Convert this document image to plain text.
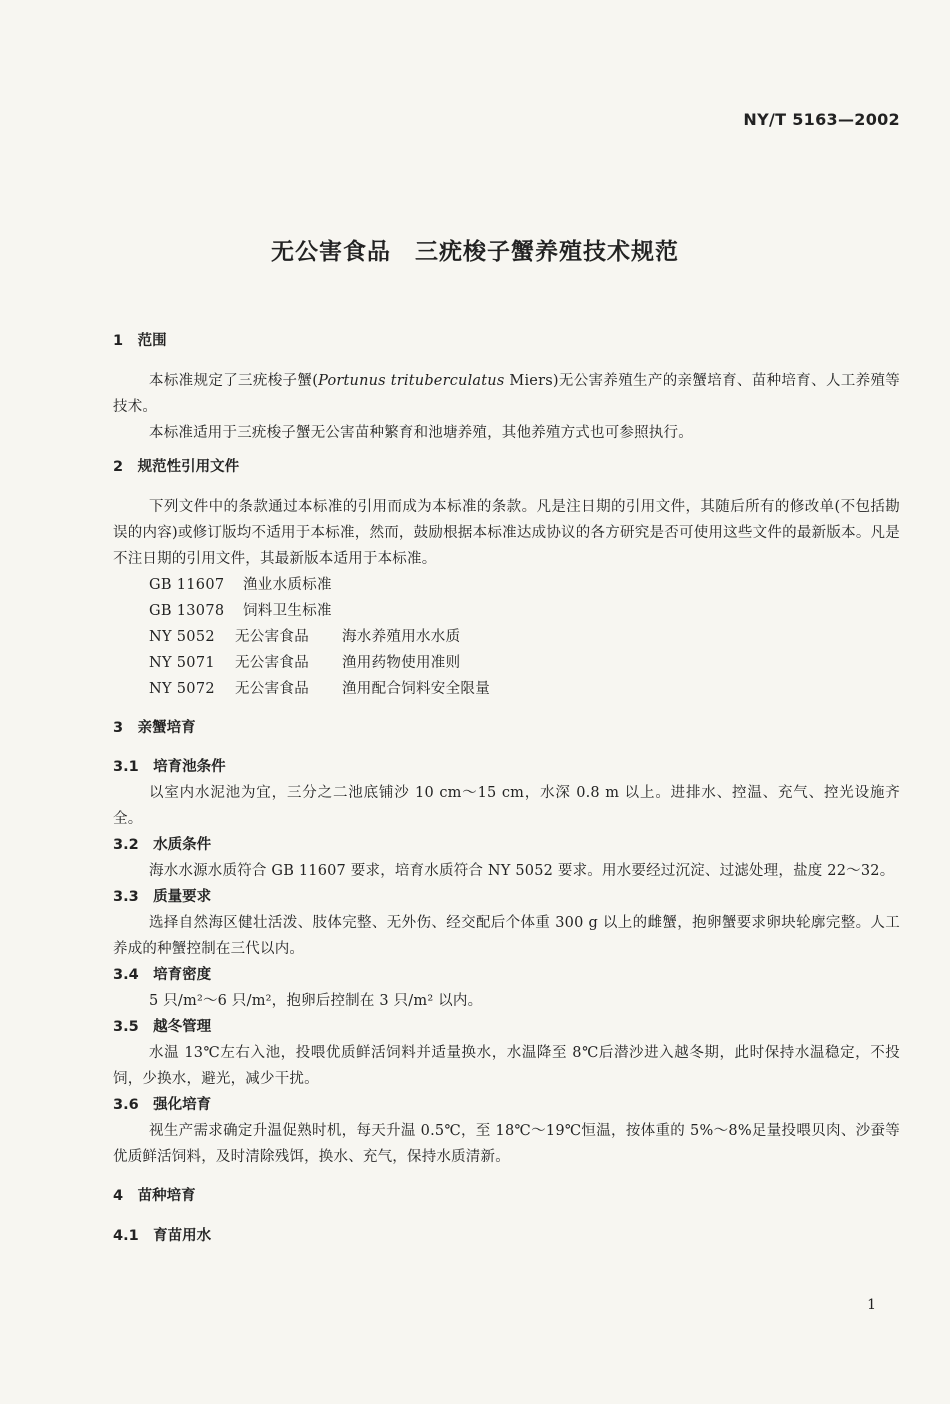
NY/T 5163—2002
无公害食品　三疣梭子蟹养殖技术规范
1　范围

本标准规定了三疣梭子蟹(Portunus trituberculatus Miers)无公害养殖生产的亲蟹培育、苗种培育、人工养殖等技术。

本标准适用于三疣梭子蟹无公害苗种繁育和池塘养殖，其他养殖方式也可参照执行。

2　规范性引用文件

下列文件中的条款通过本标准的引用而成为本标准的条款。凡是注日期的引用文件，其随后所有的修改单(不包括勘误的内容)或修订版均不适用于本标准，然而，鼓励根据本标准达成协议的各方研究是否可使用这些文件的最新版本。凡是不注日期的引用文件，其最新版本适用于本标准。

GB 11607 渔业水质标准
GB 13078 饲料卫生标准
NY 5052 无公害食品 海水养殖用水水质
NY 5071 无公害食品 渔用药物使用准则
NY 5072 无公害食品 渔用配合饲料安全限量
3　亲蟹培育
3.1　培育池条件

以室内水泥池为宜，三分之二池底铺沙 10 cm～15 cm，水深 0.8 m 以上。进排水、控温、充气、控光设施齐全。

3.2　水质条件

海水水源水质符合 GB 11607 要求，培育水质符合 NY 5052 要求。用水要经过沉淀、过滤处理，盐度 22～32。

3.3　质量要求

选择自然海区健壮活泼、肢体完整、无外伤、经交配后个体重 300 g 以上的雌蟹，抱卵蟹要求卵块轮廓完整。人工养成的种蟹控制在三代以内。

3.4　培育密度

5 只/m²～6 只/m²，抱卵后控制在 3 只/m² 以内。

3.5　越冬管理

水温 13℃左右入池，投喂优质鲜活饲料并适量换水，水温降至 8℃后潜沙进入越冬期，此时保持水温稳定，不投饲，少换水，避光，减少干扰。

3.6　强化培育

视生产需求确定升温促熟时机，每天升温 0.5℃，至 18℃～19℃恒温，按体重的 5%～8%足量投喂贝肉、沙蚕等优质鲜活饲料，及时清除残饵，换水、充气，保持水质清新。

4　苗种培育
4.1　育苗用水
1
